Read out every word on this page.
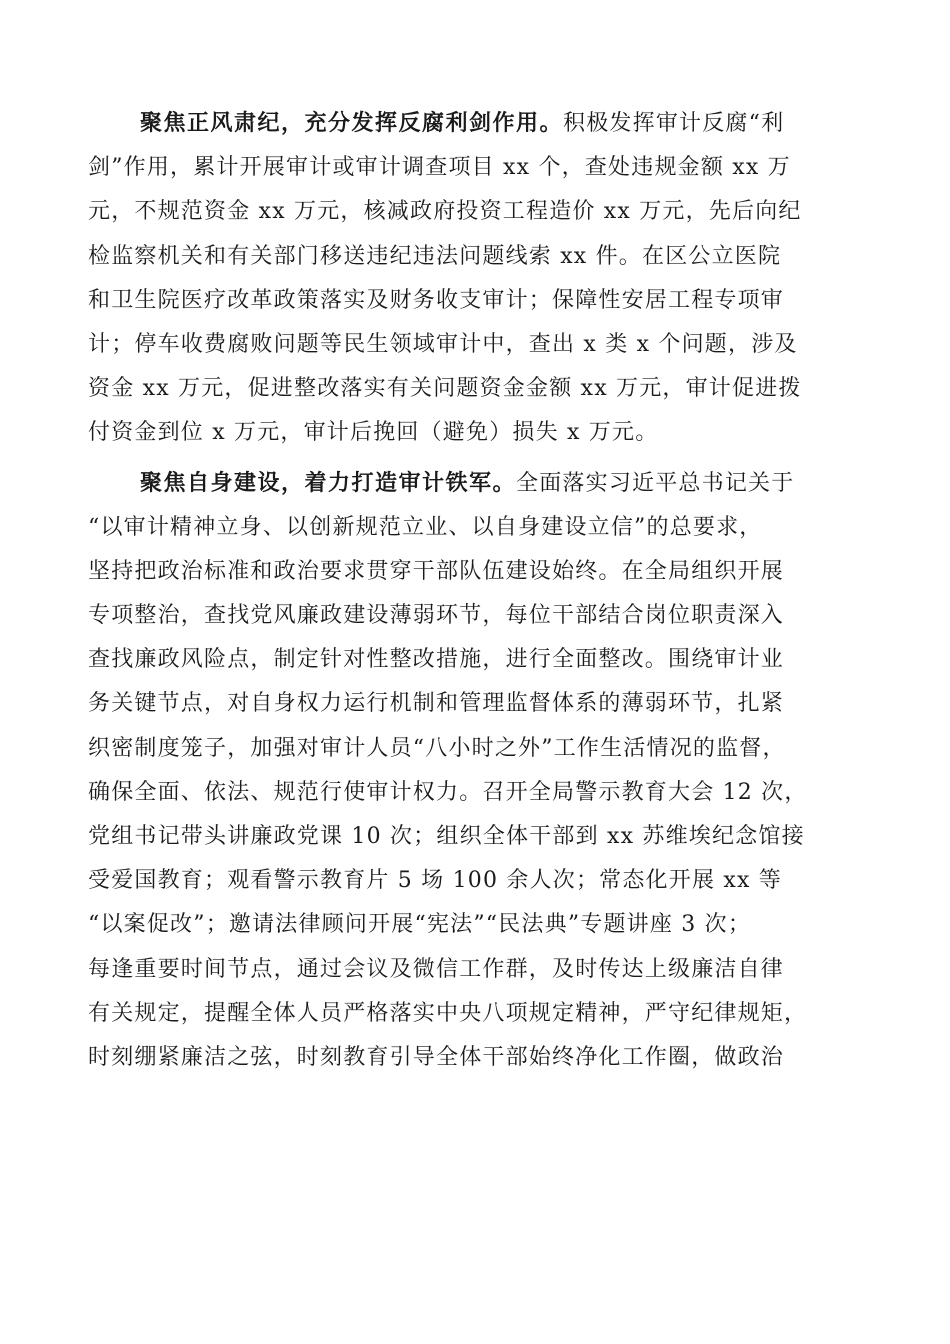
聚焦正风肃纪，充分发挥反腐利剑作用。积极发挥审计反腐“利
剑”作用，累计开展审计或审计调查项目 xx 个，查处违规金额 xx 万
元，不规范资金 xx 万元，核减政府投资工程造价 xx 万元，先后向纪
检监察机关和有关部门移送违纪违法问题线索 xx 件。在区公立医院
和卫生院医疗改革政策落实及财务收支审计；保障性安居工程专项审
计；停车收费腐败问题等民生领域审计中，查出 x 类 x 个问题，涉及
资金 xx 万元，促进整改落实有关问题资金金额 xx 万元，审计促进拨
付资金到位 x 万元，审计后挽回（避免）损失 x 万元。
聚焦自身建设，着力打造审计铁军。全面落实习近平总书记关于
“以审计精神立身、以创新规范立业、以自身建设立信”的总要求，
坚持把政治标准和政治要求贯穿干部队伍建设始终。在全局组织开展
专项整治，查找党风廉政建设薄弱环节，每位干部结合岗位职责深入
查找廉政风险点，制定针对性整改措施，进行全面整改。围绕审计业
务关键节点，对自身权力运行机制和管理监督体系的薄弱环节，扎紧
织密制度笼子，加强对审计人员“八小时之外”工作生活情况的监督，
确保全面、依法、规范行使审计权力。召开全局警示教育大会 12 次，
党组书记带头讲廉政党课 10 次；组织全体干部到 xx 苏维埃纪念馆接
受爱国教育；观看警示教育片 5 场 100 余人次；常态化开展 xx 等
“以案促改”；邀请法律顾问开展“宪法”“民法典”专题讲座 3 次；
每逢重要时间节点，通过会议及微信工作群，及时传达上级廉洁自律
有关规定，提醒全体人员严格落实中央八项规定精神，严守纪律规矩，
时刻绷紧廉洁之弦，时刻教育引导全体干部始终净化工作圈，做政治
